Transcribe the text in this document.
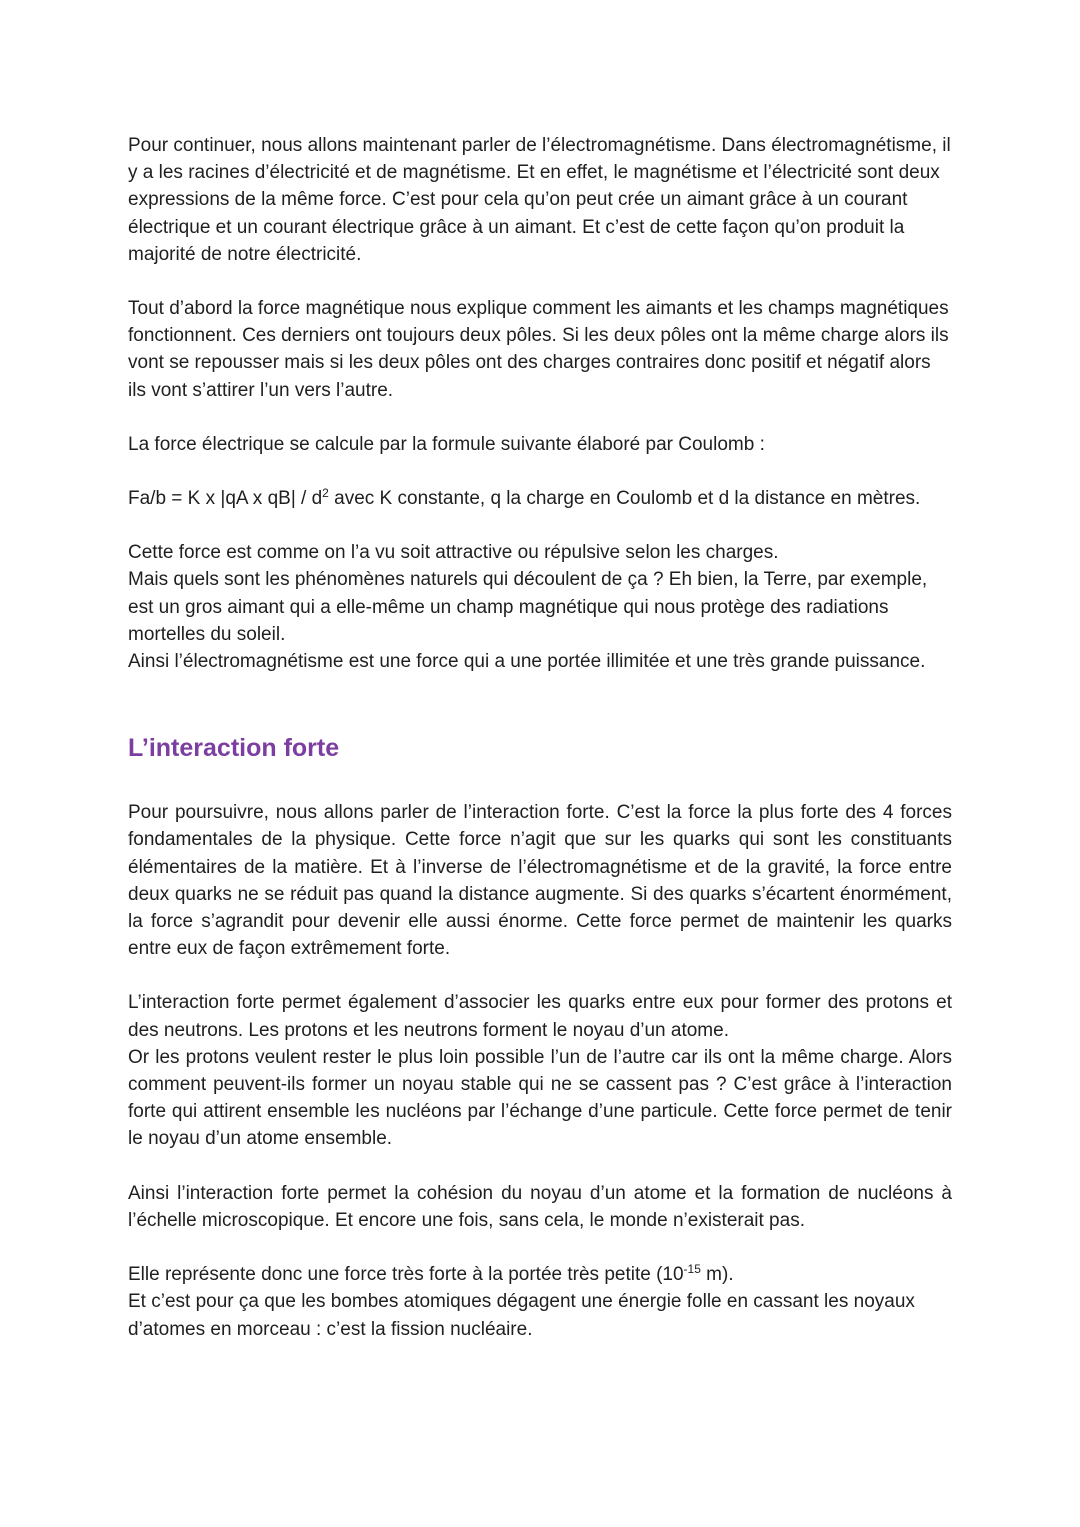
Pour continuer, nous allons maintenant parler de l’électromagnétisme. Dans électromagnétisme, il y a les racines d’électricité et de magnétisme. Et en effet, le magnétisme et l’électricité sont deux expressions de la même force. C’est pour cela qu’on peut crée un aimant grâce à un courant électrique et un courant électrique grâce à un aimant. Et c’est de cette façon qu’on produit la majorité de notre électricité.

Tout d’abord la force magnétique nous explique comment les aimants et les champs magnétiques fonctionnent. Ces derniers ont toujours deux pôles. Si les deux pôles ont la même charge alors ils vont se repousser mais si les deux pôles ont des charges contraires donc positif et négatif alors ils vont s’attirer l’un vers l’autre.

La force électrique se calcule par la formule suivante élaboré par Coulomb :

Fa/b = K x |qA x $qB| / d^2$ avec K constante, q la charge en Coulomb et d la distance en mètres.

Cette force est comme on l’a vu soit attractive ou répulsive selon les charges.

Mais quels sont les phénomènes naturels qui découlent de ça ? Eh bien, la Terre, par exemple, est un gros aimant qui a elle-même un champ magnétique qui nous protège des radiations mortelles du soleil.

Ainsi l’électromagnétisme est une force qui a une portée illimitée et une très grande puissance.

L’interaction forte

Pour poursuivre, nous allons parler de l’interaction forte. C’est la force la plus forte des 4 forces fondamentales de la physique. Cette force n’agit que sur les quarks qui sont les constituants élémentaires de la matière. Et à l’inverse de l’électromagnétisme et de la gravité, la force entre deux quarks ne se réduit pas quand la distance augmente. Si des quarks s’écartent énormément, la force s’agrandit pour devenir elle aussi énorme. Cette force permet de maintenir les quarks entre eux de façon extrêmement forte.

L’interaction forte permet également d’associer les quarks entre eux pour former des protons et des neutrons. Les protons et les neutrons forment le noyau d’un atome.

Or les protons veulent rester le plus loin possible l’un de l’autre car ils ont la même charge. Alors comment peuvent-ils former un noyau stable qui ne se cassent pas ? C’est grâce à l’interaction forte qui attirent ensemble les nucléons par l’échange d’une particule. Cette force permet de tenir le noyau d’un atome ensemble.

Ainsi l’interaction forte permet la cohésion du noyau d’un atome et la formation de nucléons à l’échelle microscopique. Et encore une fois, sans cela, le monde n’existerait pas.

Elle représente donc une force très forte à la portée très petite ($10^{-15}$ m).

Et c’est pour ça que les bombes atomiques dégagent une énergie folle en cassant les noyaux d’atomes en morceau : c’est la fission nucléaire.
